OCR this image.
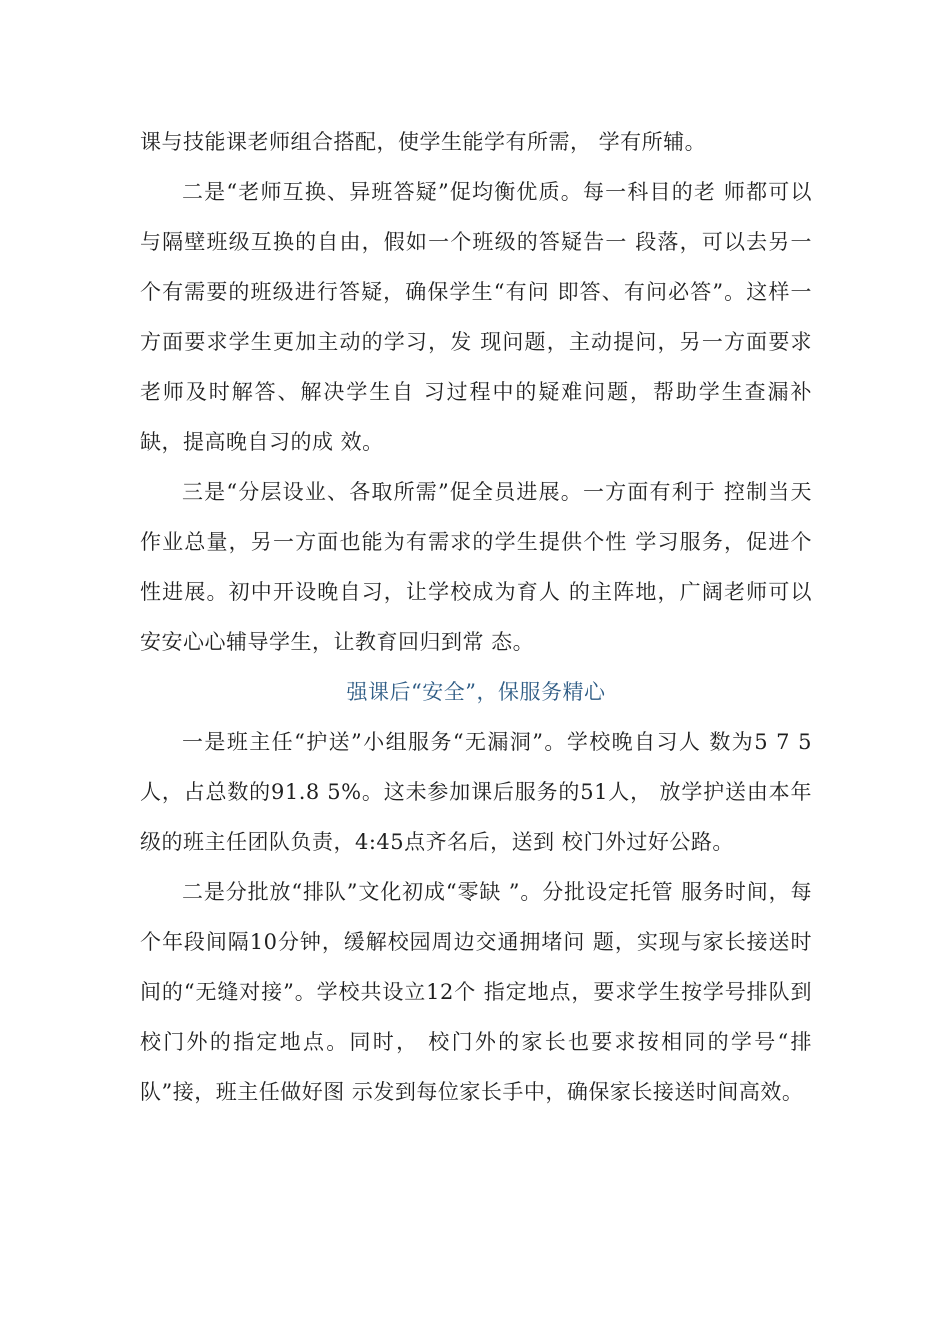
课与技能课老师组合搭配，使学生能学有所需， 学有所辅。

二是“老师互换、异班答疑”促均衡优质。每一科目的老 师都可以与隔壁班级互换的自由，假如一个班级的答疑告一 段落，可以去另一个有需要的班级进行答疑，确保学生“有问 即答、有问必答”。这样一方面要求学生更加主动的学习，发 现问题，主动提问，另一方面要求老师及时解答、解决学生自 习过程中的疑难问题，帮助学生查漏补缺，提高晚自习的成 效。

三是“分层设业、各取所需”促全员进展。一方面有利于 控制当天作业总量，另一方面也能为有需求的学生提供个性 学习服务，促进个性进展。初中开设晚自习，让学校成为育人 的主阵地，广阔老师可以安安心心辅导学生，让教育回归到常 态。

强课后“安全”，保服务精心

一是班主任“护送”小组服务“无漏洞”。学校晚自习人 数为5 7 5人，占总数的91.8 5%。这未参加课后服务的51人， 放学护送由本年级的班主任团队负责，4:45点齐名后，送到 校门外过好公路。

二是分批放“排队”文化初成“零缺 ”。分批设定托管 服务时间，每个年段间隔10分钟，缓解校园周边交通拥堵问 题，实现与家长接送时间的“无缝对接”。学校共设立12个 指定地点，要求学生按学号排队到校门外的指定地点。同时， 校门外的家长也要求按相同的学号“排队”接，班主任做好图 示发到每位家长手中，确保家长接送时间高效。
